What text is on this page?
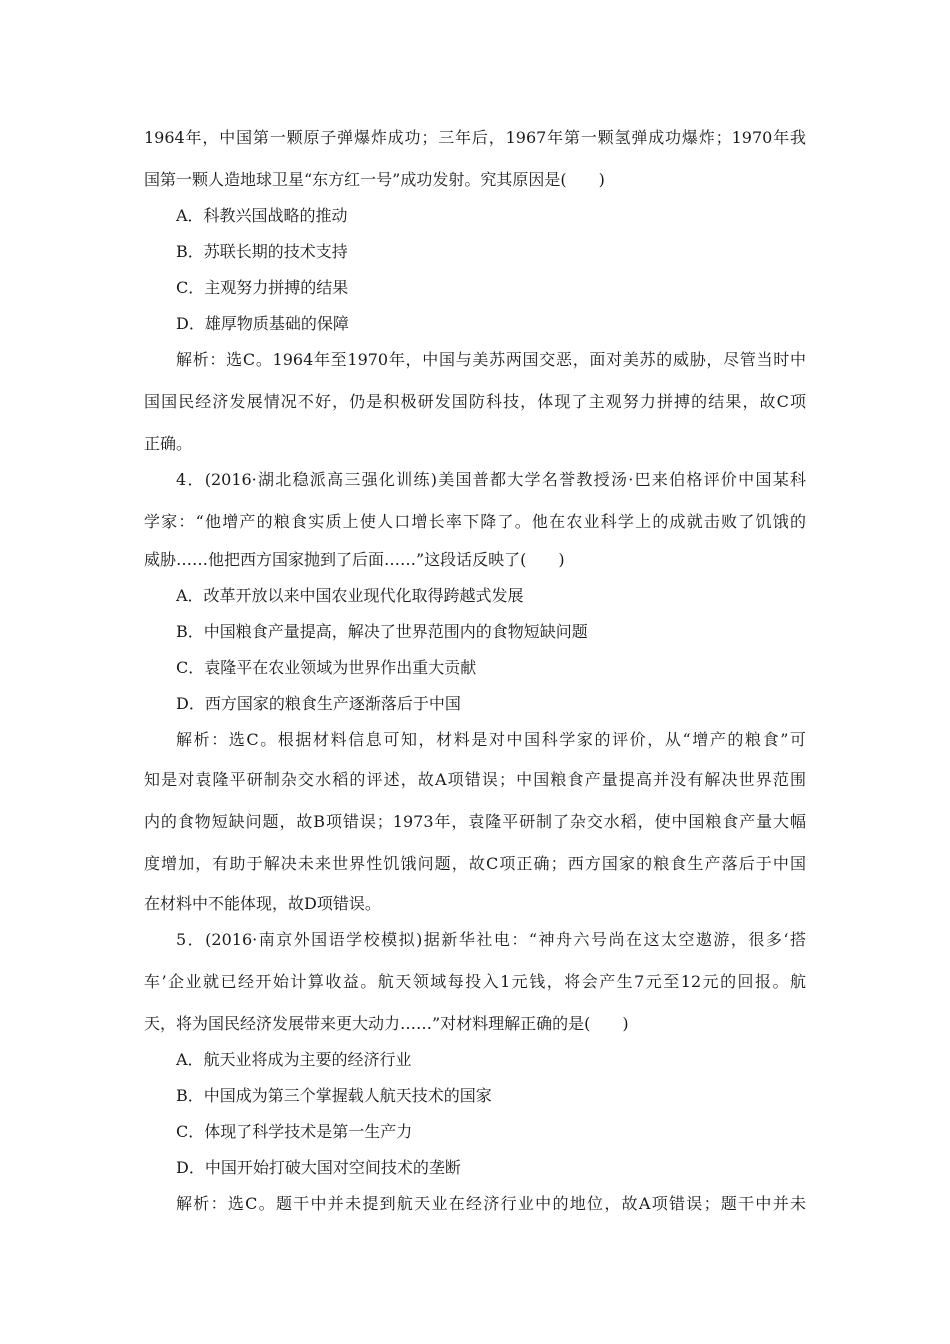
1964年，中国第一颗原子弹爆炸成功；三年后，1967年第一颗氢弹成功爆炸；1970年我
国第一颗人造地球卫星“东方红一号”成功发射。究其原因是(　　)
A．科教兴国战略的推动
B．苏联长期的技术支持
C．主观努力拼搏的结果
D．雄厚物质基础的保障
解析：选C。1964年至1970年，中国与美苏两国交恶，面对美苏的威胁，尽管当时中
国国民经济发展情况不好，仍是积极研发国防科技，体现了主观努力拼搏的结果，故C项
正确。
4．(2016·湖北稳派高三强化训练)美国普都大学名誉教授汤·巴来伯格评价中国某科
学家：“他增产的粮食实质上使人口增长率下降了。他在农业科学上的成就击败了饥饿的
威胁……他把西方国家抛到了后面……”这段话反映了(　　)
A．改革开放以来中国农业现代化取得跨越式发展
B．中国粮食产量提高，解决了世界范围内的食物短缺问题
C．袁隆平在农业领域为世界作出重大贡献
D．西方国家的粮食生产逐渐落后于中国
解析：选C。根据材料信息可知，材料是对中国科学家的评价，从“增产的粮食”可
知是对袁隆平研制杂交水稻的评述，故A项错误；中国粮食产量提高并没有解决世界范围
内的食物短缺问题，故B项错误；1973年，袁隆平研制了杂交水稻，使中国粮食产量大幅
度增加，有助于解决未来世界性饥饿问题，故C项正确；西方国家的粮食生产落后于中国
在材料中不能体现，故D项错误。
5．(2016·南京外国语学校模拟)据新华社电：“神舟六号尚在这太空遨游，很多‘搭
车’企业就已经开始计算收益。航天领域每投入1元钱，将会产生7元至12元的回报。航
天，将为国民经济发展带来更大动力……”对材料理解正确的是(　　)
A．航天业将成为主要的经济行业
B．中国成为第三个掌握载人航天技术的国家
C．体现了科学技术是第一生产力
D．中国开始打破大国对空间技术的垄断
解析：选C。题干中并未提到航天业在经济行业中的地位，故A项错误；题干中并未
